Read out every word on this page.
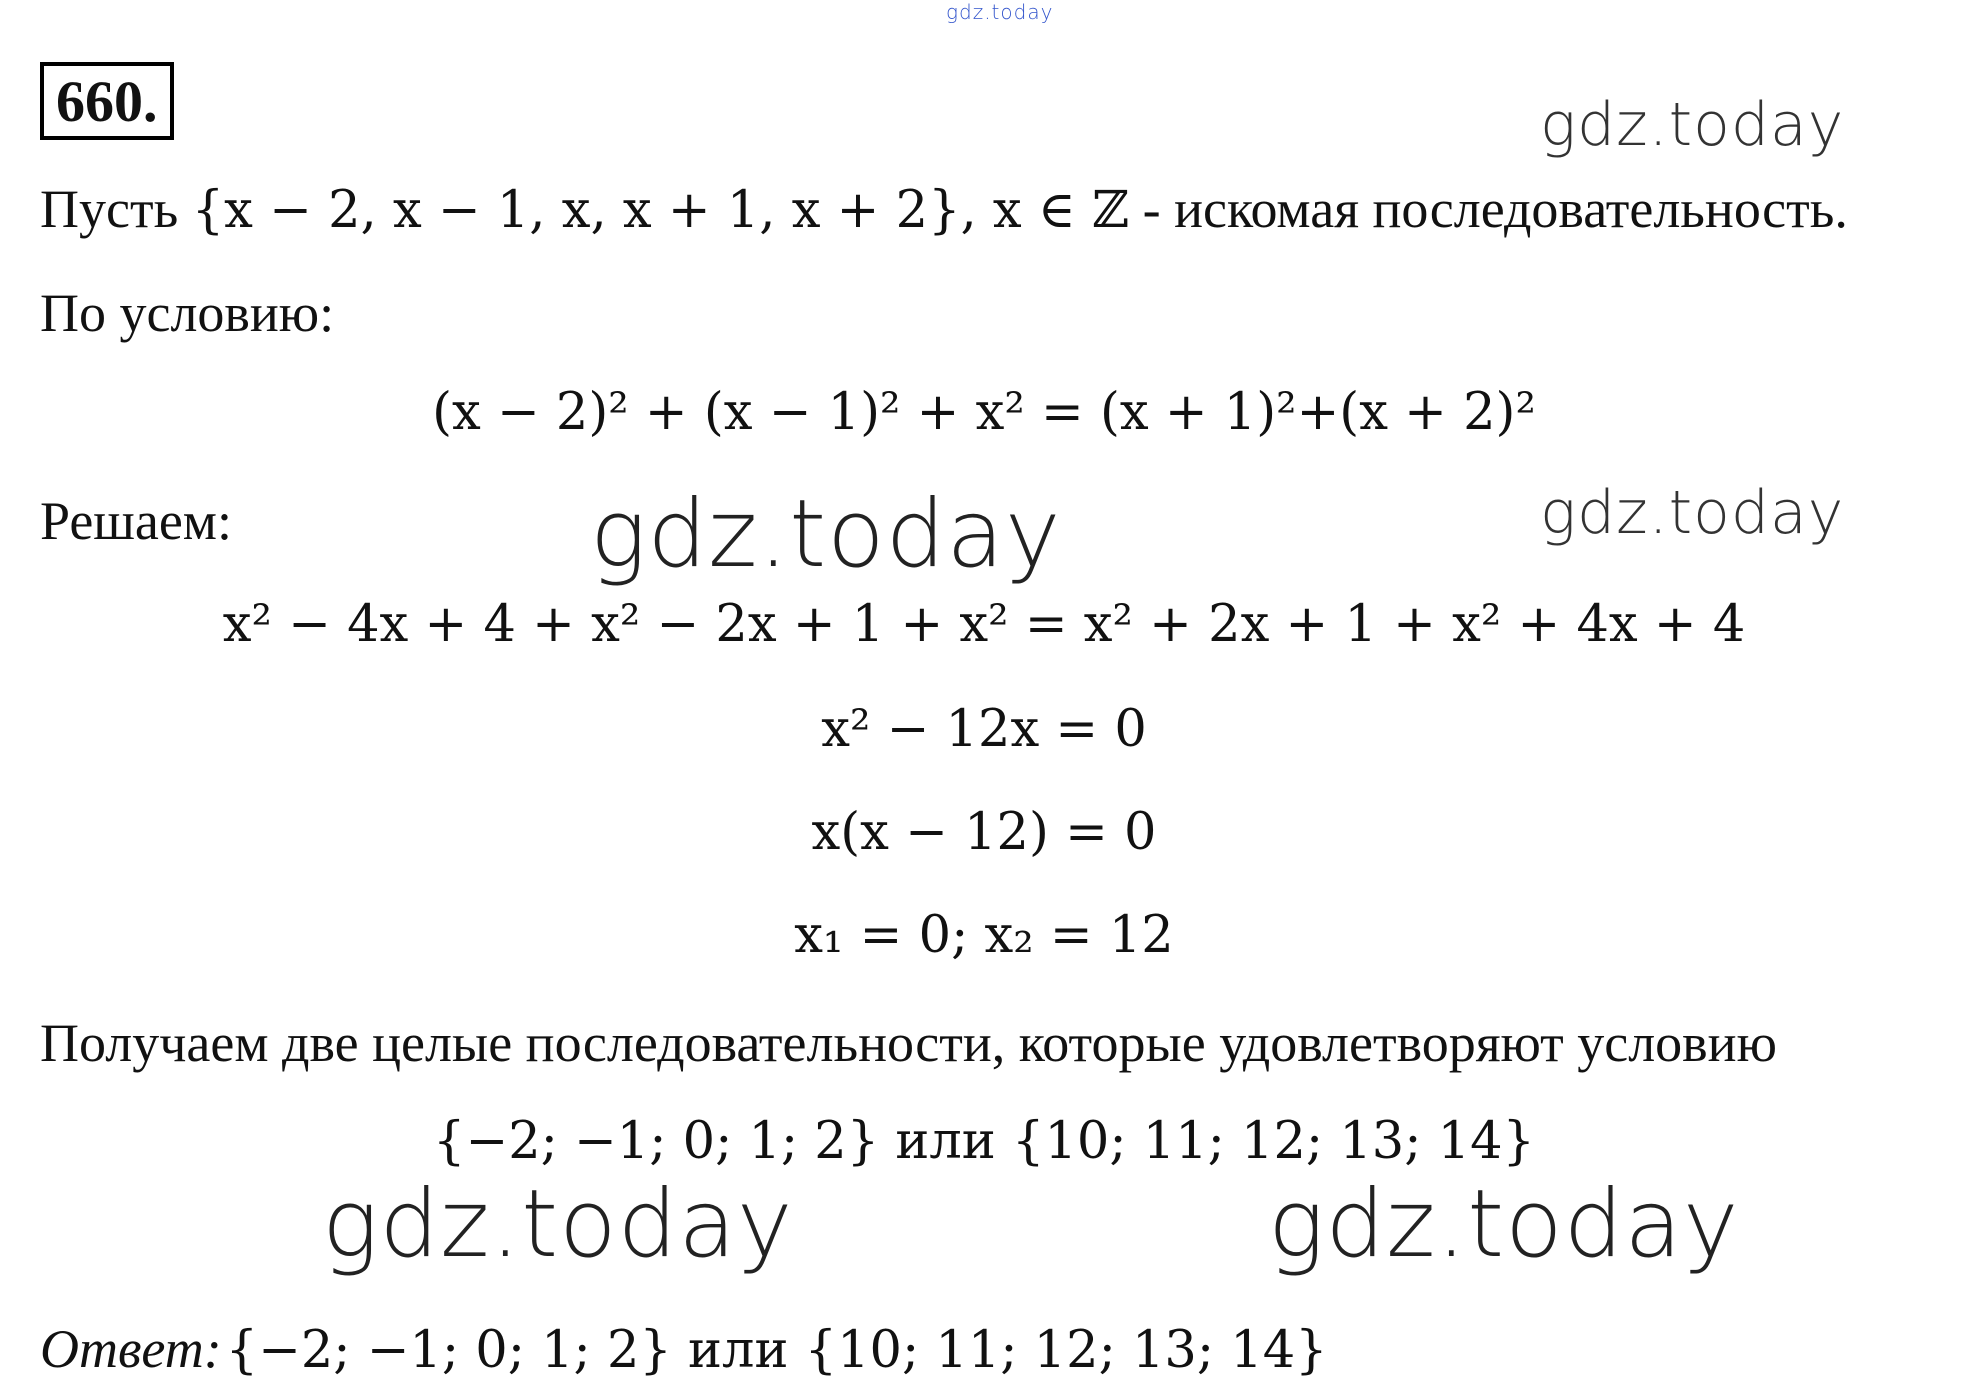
gdz.today
660.	gdz.today
Пусть {x − 2, x − 1, x, x + 1, x + 2}, x ∈ ℤ - искомая последовательность.
По условию:
(x − 2)² + (x − 1)² + x² = (x + 1)²+(x + 2)²
Решаем:	gdz.today	gdz.today
x² − 4x + 4 + x² − 2x + 1 + x² = x² + 2x + 1 + x² + 4x + 4
x² − 12x = 0
x(x − 12) = 0
x₁ = 0; x₂ = 12
Получаем две целые последовательности, которые удовлетворяют условию
{−2; −1; 0; 1; 2} или {10; 11; 12; 13; 14}
gdz.today	gdz.today
Ответ: {−2; −1; 0; 1; 2} или {10; 11; 12; 13; 14}
